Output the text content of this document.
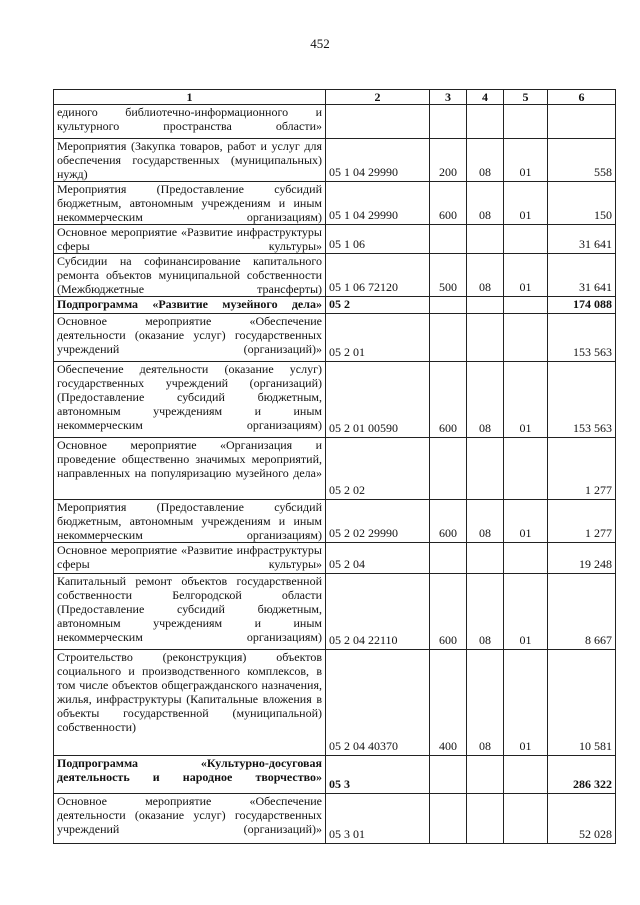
452
1	2	3	4	5	6
единого библиотечно-информационного и культурного пространства области»					
Мероприятия (Закупка товаров, работ и услуг для обеспечения государственных (муниципальных) нужд)	05 1 04 29990	200	08	01	558
Мероприятия (Предоставление субсидий бюджетным, автономным учреждениям и иным некоммерческим организациям)	05 1 04 29990	600	08	01	150
Основное мероприятие «Развитие инфраструктуры сферы культуры»	05 1 06				31 641
Субсидии на софинансирование капитального ремонта объектов муниципальной собственности (Межбюджетные трансферты)	05 1 06 72120	500	08	01	31 641
Подпрограмма «Развитие музейного дела»	05 2				174 088
Основное мероприятие «Обеспечение деятельности (оказание услуг) государственных учреждений (организаций)»	05 2 01				153 563
Обеспечение деятельности (оказание услуг) государственных учреждений (организаций) (Предоставление субсидий бюджетным, автономным учреждениям и иным некоммерческим организациям)	05 2 01 00590	600	08	01	153 563
Основное мероприятие «Организация и проведение общественно значимых мероприятий, направленных на популяризацию музейного дела»	05 2 02				1 277
Мероприятия (Предоставление субсидий бюджетным, автономным учреждениям и иным некоммерческим организациям)	05 2 02 29990	600	08	01	1 277
Основное мероприятие «Развитие инфраструктуры сферы культуры»	05 2 04				19 248
Капитальный ремонт объектов государственной собственности Белгородской области (Предоставление субсидий бюджетным, автономным учреждениям и иным некоммерческим организациям)	05 2 04 22110	600	08	01	8 667
Строительство (реконструкция) объектов социального и производственного комплексов, в том числе объектов общегражданского назначения, жилья, инфраструктуры (Капитальные вложения в объекты государственной (муниципальной) собственности)	05 2 04 40370	400	08	01	10 581
Подпрограмма «Культурно-досуговая деятельность и народное творчество»	05 3				286 322
Основное мероприятие «Обеспечение деятельности (оказание услуг) государственных учреждений (организаций)»	05 3 01				52 028
